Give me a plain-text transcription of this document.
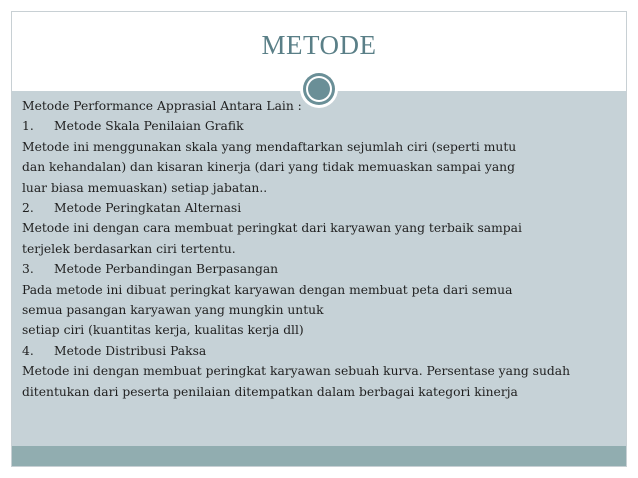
METODE
Metode Performance Apprasial Antara Lain :
1. Metode Skala Penilaian Grafik
Metode ini menggunakan skala yang mendaftarkan sejumlah ciri (seperti mutu
dan kehandalan) dan kisaran kinerja (dari yang tidak memuaskan sampai yang
luar biasa memuaskan) setiap jabatan..
2. Metode Peringkatan Alternasi
Metode ini dengan cara membuat peringkat dari karyawan yang terbaik sampai
terjelek berdasarkan ciri tertentu.
3. Metode Perbandingan Berpasangan
Pada metode ini dibuat peringkat karyawan dengan membuat peta dari semua
semua pasangan karyawan yang mungkin untuk
setiap ciri (kuantitas kerja, kualitas kerja dll)
4. Metode Distribusi Paksa
Metode ini dengan membuat peringkat karyawan sebuah kurva. Persentase yang sudah
ditentukan dari peserta penilaian ditempatkan dalam berbagai kategori kinerja
